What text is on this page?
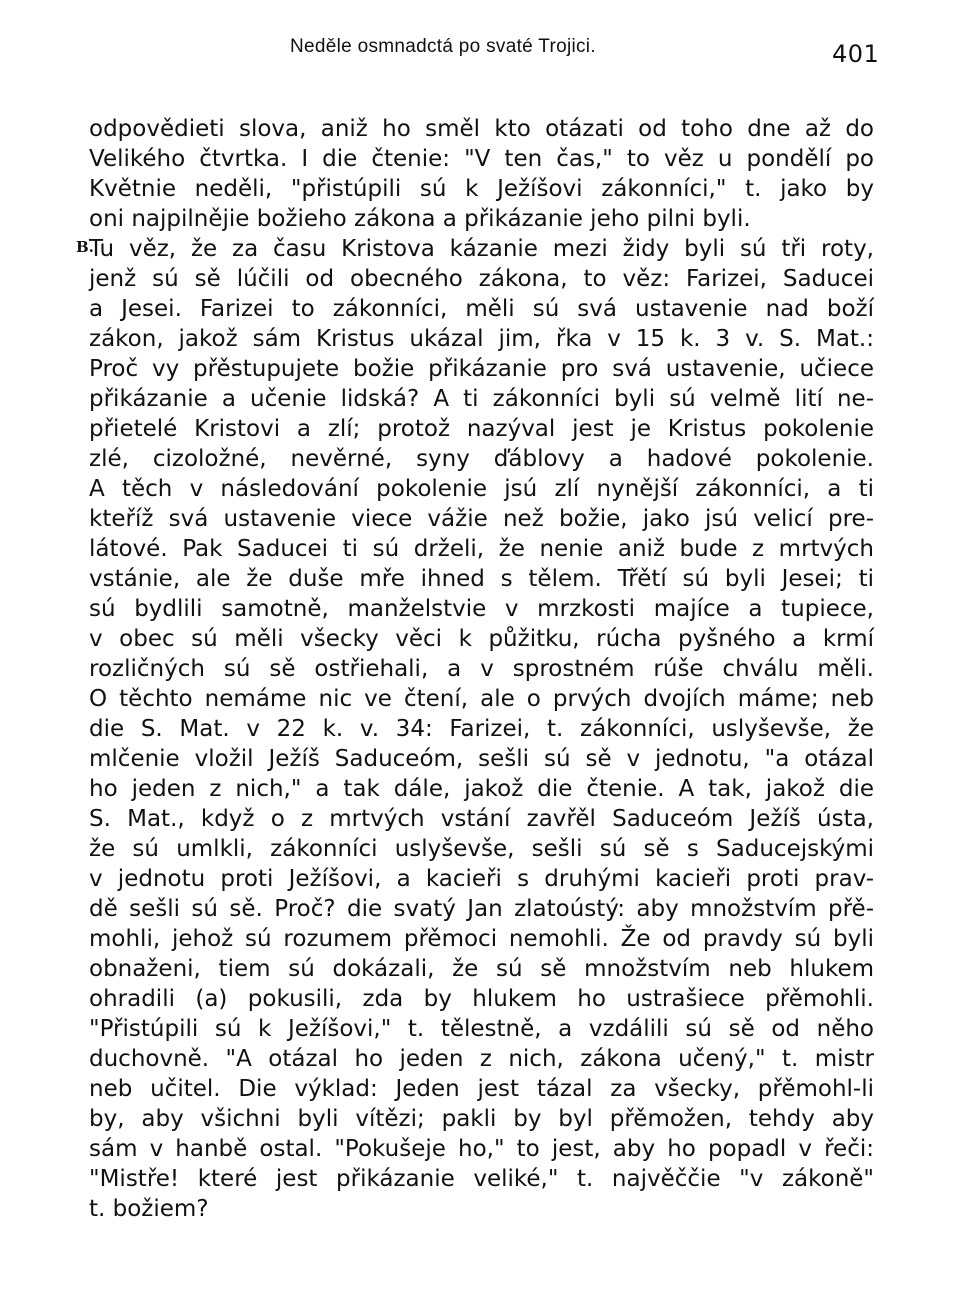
Neděle osmnadctá po svaté Trojici.	401
B.
odpovědieti slova, aniž ho směl kto otázati od toho dne až do
Velikého čtvrtka. I die čtenie: "V ten čas," to věz u pondělí po
Květnie neděli, "přistúpili sú k Ježíšovi zákonníci," t. jako by
oni najpilnějie božieho zákona a přikázanie jeho pilni byli.
Tu věz, že za času Kristova kázanie mezi židy byli sú tři roty,
jenž sú sě lúčili od obecného zákona, to věz: Farizei, Saducei
a Jesei. Farizei to zákonníci, měli sú svá ustavenie nad boží
zákon, jakož sám Kristus ukázal jim, řka v 15 k. 3 v. S. Mat.:
Proč vy přěstupujete božie přikázanie pro svá ustavenie, učiece
přikázanie a učenie lidská? A ti zákonníci byli sú velmě lití ne-
přietelé Kristovi a zlí; protož nazýval jest je Kristus pokolenie
zlé, cizoložné, nevěrné, syny ďáblovy a hadové pokolenie.
A těch v následování pokolenie jsú zlí nynější zákonníci, a ti
kteříž svá ustavenie viece vážie než božie, jako jsú velicí pre-
látové. Pak Saducei ti sú drželi, že nenie aniž bude z mrtvých
vstánie, ale že duše mře ihned s tělem. Třětí sú byli Jesei; ti
sú bydlili samotně, manželstvie v mrzkosti majíce a tupiece,
v obec sú měli všecky věci k půžitku, rúcha pyšného a krmí
rozličných sú sě ostřiehali, a v sprostném rúše chválu měli.
O těchto nemáme nic ve čtení, ale o prvých dvojích máme; neb
die S. Mat. v 22 k. v. 34: Farizei, t. zákonníci, uslyševše, že
mlčenie vložil Ježíš Saduceóm, sešli sú sě v jednotu, "a otázal
ho jeden z nich," a tak dále, jakož die čtenie. A tak, jakož die
S. Mat., když o z mrtvých vstání zavřěl Saduceóm Ježíš ústa,
že sú umlkli, zákonníci uslyševše, sešli sú sě s Saducejskými
v jednotu proti Ježíšovi, a kacieři s druhými kacieři proti prav-
dě sešli sú sě. Proč? die svatý Jan zlatoústý: aby množstvím přě-
mohli, jehož sú rozumem přěmoci nemohli. Že od pravdy sú byli
obnaženi, tiem sú dokázali, že sú sě množstvím neb hlukem
ohradili (a) pokusili, zda by hlukem ho ustrašiece přěmohli.
"Přistúpili sú k Ježíšovi," t. tělestně, a vzdálili sú sě od něho
duchovně. "A otázal ho jeden z nich, zákona učený," t. mistr
neb učitel. Die výklad: Jeden jest tázal za všecky, přěmohl-li
by, aby všichni byli vítězi; pakli by byl přěmožen, tehdy aby
sám v hanbě ostal. "Pokušeje ho," to jest, aby ho popadl v řeči:
"Mistře! které jest přikázanie veliké," t. najvěččie "v zákoně"
t. božiem?
